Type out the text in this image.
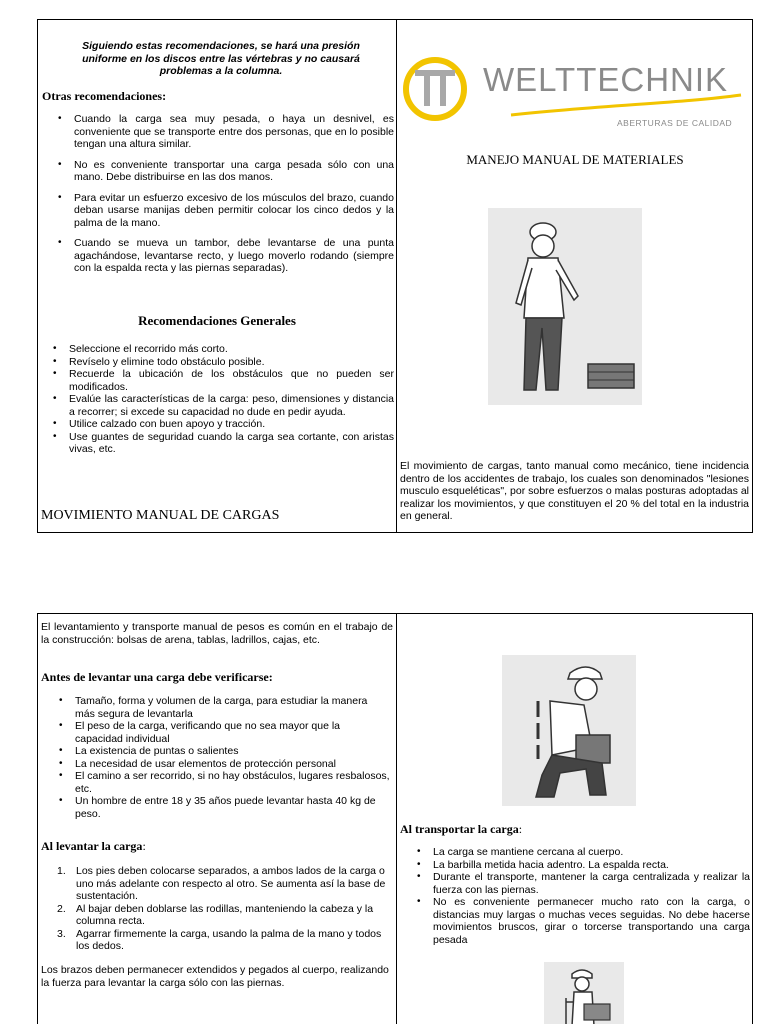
Siguiendo estas recomendaciones, se hará una presión uniforme en los discos entre las vértebras y no causará problemas a la columna.
Otras recomendaciones:
• Cuando la carga sea muy pesada, o haya un desnivel, es conveniente que se transporte entre dos personas, que en lo posible tengan una altura similar.
• No es conveniente transportar una carga pesada sólo con una mano. Debe distribuirse en las dos manos.
• Para evitar un esfuerzo excesivo de los músculos del brazo, cuando deban usarse manijas deben permitir colocar los cinco dedos y la palma de la mano.
• Cuando se mueva un tambor, debe levantarse de una punta agachándose, levantarse recto, y luego moverlo rodando (siempre con la espalda recta y las piernas separadas).
Recomendaciones Generales
• Seleccione el recorrido más corto.
• Revíselo y elimine todo obstáculo posible.
• Recuerde la ubicación de los obstáculos que no pueden ser modificados.
• Evalúe las características de la carga: peso, dimensiones y distancia a recorrer; si excede su capacidad no dude en pedir ayuda.
• Utilice calzado con buen apoyo y tracción.
• Use guantes de seguridad cuando la carga sea cortante, con aristas vivas, etc.
MOVIMIENTO MANUAL DE CARGAS
WELTTECHNIK
ABERTURAS DE CALIDAD
MANEJO MANUAL DE MATERIALES
El movimiento de cargas, tanto manual como mecánico, tiene incidencia dentro de los accidentes de trabajo, los cuales son denominados "lesiones musculo esqueléticas", por sobre esfuerzos o malas posturas adoptadas al realizar los movimientos, y que constituyen el 20 % del total en la industria en general.
El levantamiento y transporte manual de pesos es común en el trabajo de la construcción: bolsas de arena, tablas, ladrillos, cajas, etc.
Antes de levantar una carga debe verificarse:
• Tamaño, forma y volumen de la carga, para estudiar la manera más segura de levantarla
• El peso de la carga, verificando que no sea mayor que la capacidad individual
• La existencia de puntas o salientes
• La necesidad de usar elementos de protección personal
• El camino a ser recorrido, si no hay obstáculos, lugares resbalosos, etc.
• Un hombre de entre 18 y 35 años puede levantar hasta 40 kg de peso.
Al levantar la carga:
1. Los pies deben colocarse separados, a ambos lados de la carga o uno más adelante con respecto al otro. Se aumenta así la base de sustentación.
2. Al bajar deben doblarse las rodillas, manteniendo la cabeza y la columna recta.
3. Agarrar firmemente la carga, usando la palma de la mano y todos los dedos.
Los brazos deben permanecer extendidos y pegados al cuerpo, realizando la fuerza para levantar la carga sólo con las piernas.
Al transportar la carga:
• La carga se mantiene cercana al cuerpo.
• La barbilla metida hacia adentro. La espalda recta.
• Durante el transporte, mantener la carga centralizada y realizar la fuerza con las piernas.
• No es conveniente permanecer mucho rato con la carga, o distancias muy largas o muchas veces seguidas. No debe hacerse movimientos bruscos, girar o torcerse transportando una carga pesada
